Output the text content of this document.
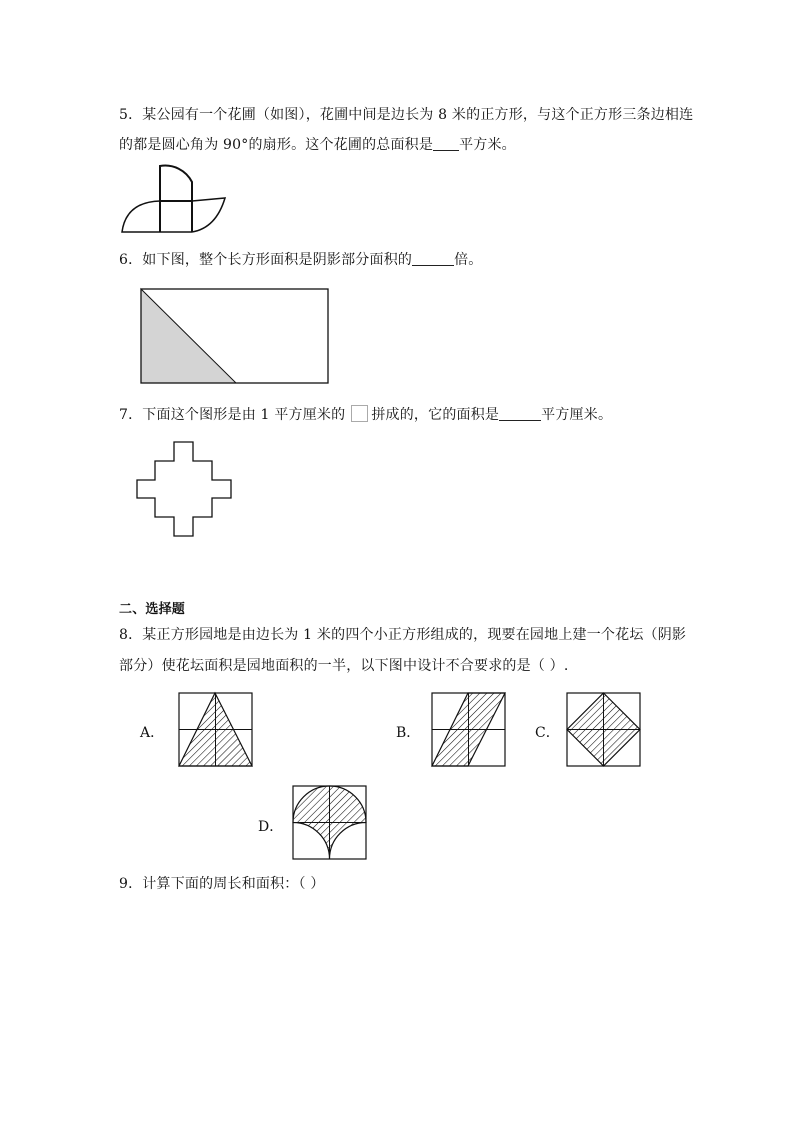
5．某公园有一个花圃（如图），花圃中间是边长为 8 米的正方形，与这个正方形三条边相连
的都是圆心角为 90°的扇形。这个花圃的总面积是 平方米。
6．如下图，整个长方形面积是阴影部分面积的	倍。
7．下面这个图形是由 1 平方厘米的 拼成的，它的面积是	平方厘米。
二、选择题
8．某正方形园地是由边长为 1 米的四个小正方形组成的，现要在园地上建一个花坛（阴影
部分）使花坛面积是园地面积的一半，以下图中设计不合要求的是（ ）.
A．	B．	C．
D．
9．计算下面的周长和面积：（ ）
